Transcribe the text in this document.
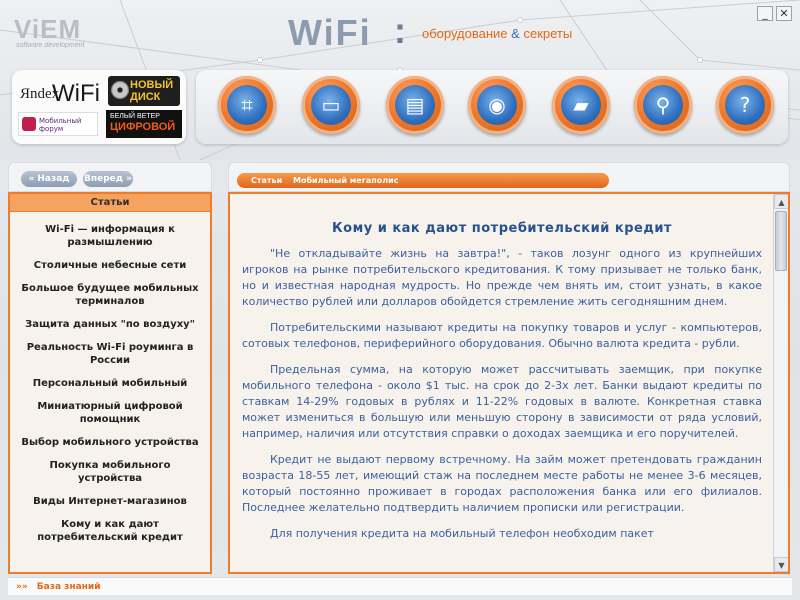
ViEM
software development	WiFi : оборудование & секреты
_	✕
Яndex
WiFi	НОВЫЙ
ДИСК
Мобильный
форум
БЕЛЫЙ ВЕТЕР
ЦИФРОВОЙ
⌗	▭	▤	◉	▰	⚲	?
« Назад	Вперед »
Статьи
Wi-Fi — информация к размышлению
Столичные небесные сети
Большое будущее мобильных терминалов
Защита данных "по воздуху"
Реальность Wi-Fi роуминга в России
Персональный мобильный
Миниатюрный цифровой помощник
Выбор мобильного устройства
Покупка мобильного устройства
Виды Интернет-магазинов
Кому и как дают потребительский кредит
Статьи Мобильный мегаполис
Кому и как дают потребительский кредит

"Не откладывайте жизнь на завтра!", - таков лозунг одного из крупнейших игроков на рынке потребительского кредитования. К тому призывает не только банк, но и известная народная мудрость. Но прежде чем внять им, стоит узнать, в какое количество рублей или долларов обойдется стремление жить сегодняшним днем.

Потребительскими называют кредиты на покупку товаров и услуг - компьютеров, сотовых телефонов, периферийного оборудования. Обычно валюта кредита - рубли.

Предельная сумма, на которую может рассчитывать заемщик, при покупке мобильного телефона - около $1 тыс. на срок до 2-3х лет. Банки выдают кредиты по ставкам 14-29% годовых в рублях и 11-22% годовых в валюте. Конкретная ставка может измениться в большую или меньшую сторону в зависимости от ряда условий, например, наличия или отсутствия справки о доходах заемщика и его поручителей.

Кредит не выдают первому встречному. На займ может претендовать гражданин возраста 18-55 лет, имеющий стаж на последнем месте работы не менее 3-6 месяцев, который постоянно проживает в городах расположения банка или его филиалов. Последнее желательно подтвердить наличием прописки или регистрации.

Для получения кредита на мобильный телефон необходим пакет

▲
▼
»» База знаний
